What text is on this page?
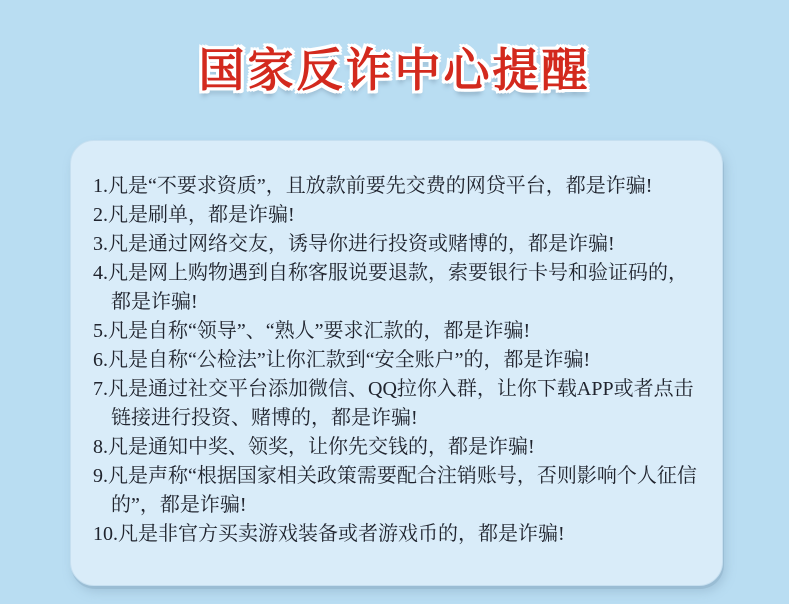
国家反诈中心提醒
1.凡是“不要求资质”，且放款前要先交费的网贷平台，都是诈骗!
2.凡是刷单，都是诈骗!
3.凡是通过网络交友，诱导你进行投资或赌博的，都是诈骗!
4.凡是网上购物遇到自称客服说要退款，索要银行卡号和验证码的，都是诈骗!
5.凡是自称“领导”、“熟人”要求汇款的，都是诈骗!
6.凡是自称“公检法”让你汇款到“安全账户”的，都是诈骗!
7.凡是通过社交平台添加微信、QQ拉你入群，让你下载APP或者点击链接进行投资、赌博的，都是诈骗!
8.凡是通知中奖、领奖，让你先交钱的，都是诈骗!
9.凡是声称“根据国家相关政策需要配合注销账号，否则影响个人征信的”，都是诈骗!
10.凡是非官方买卖游戏装备或者游戏币的，都是诈骗!
